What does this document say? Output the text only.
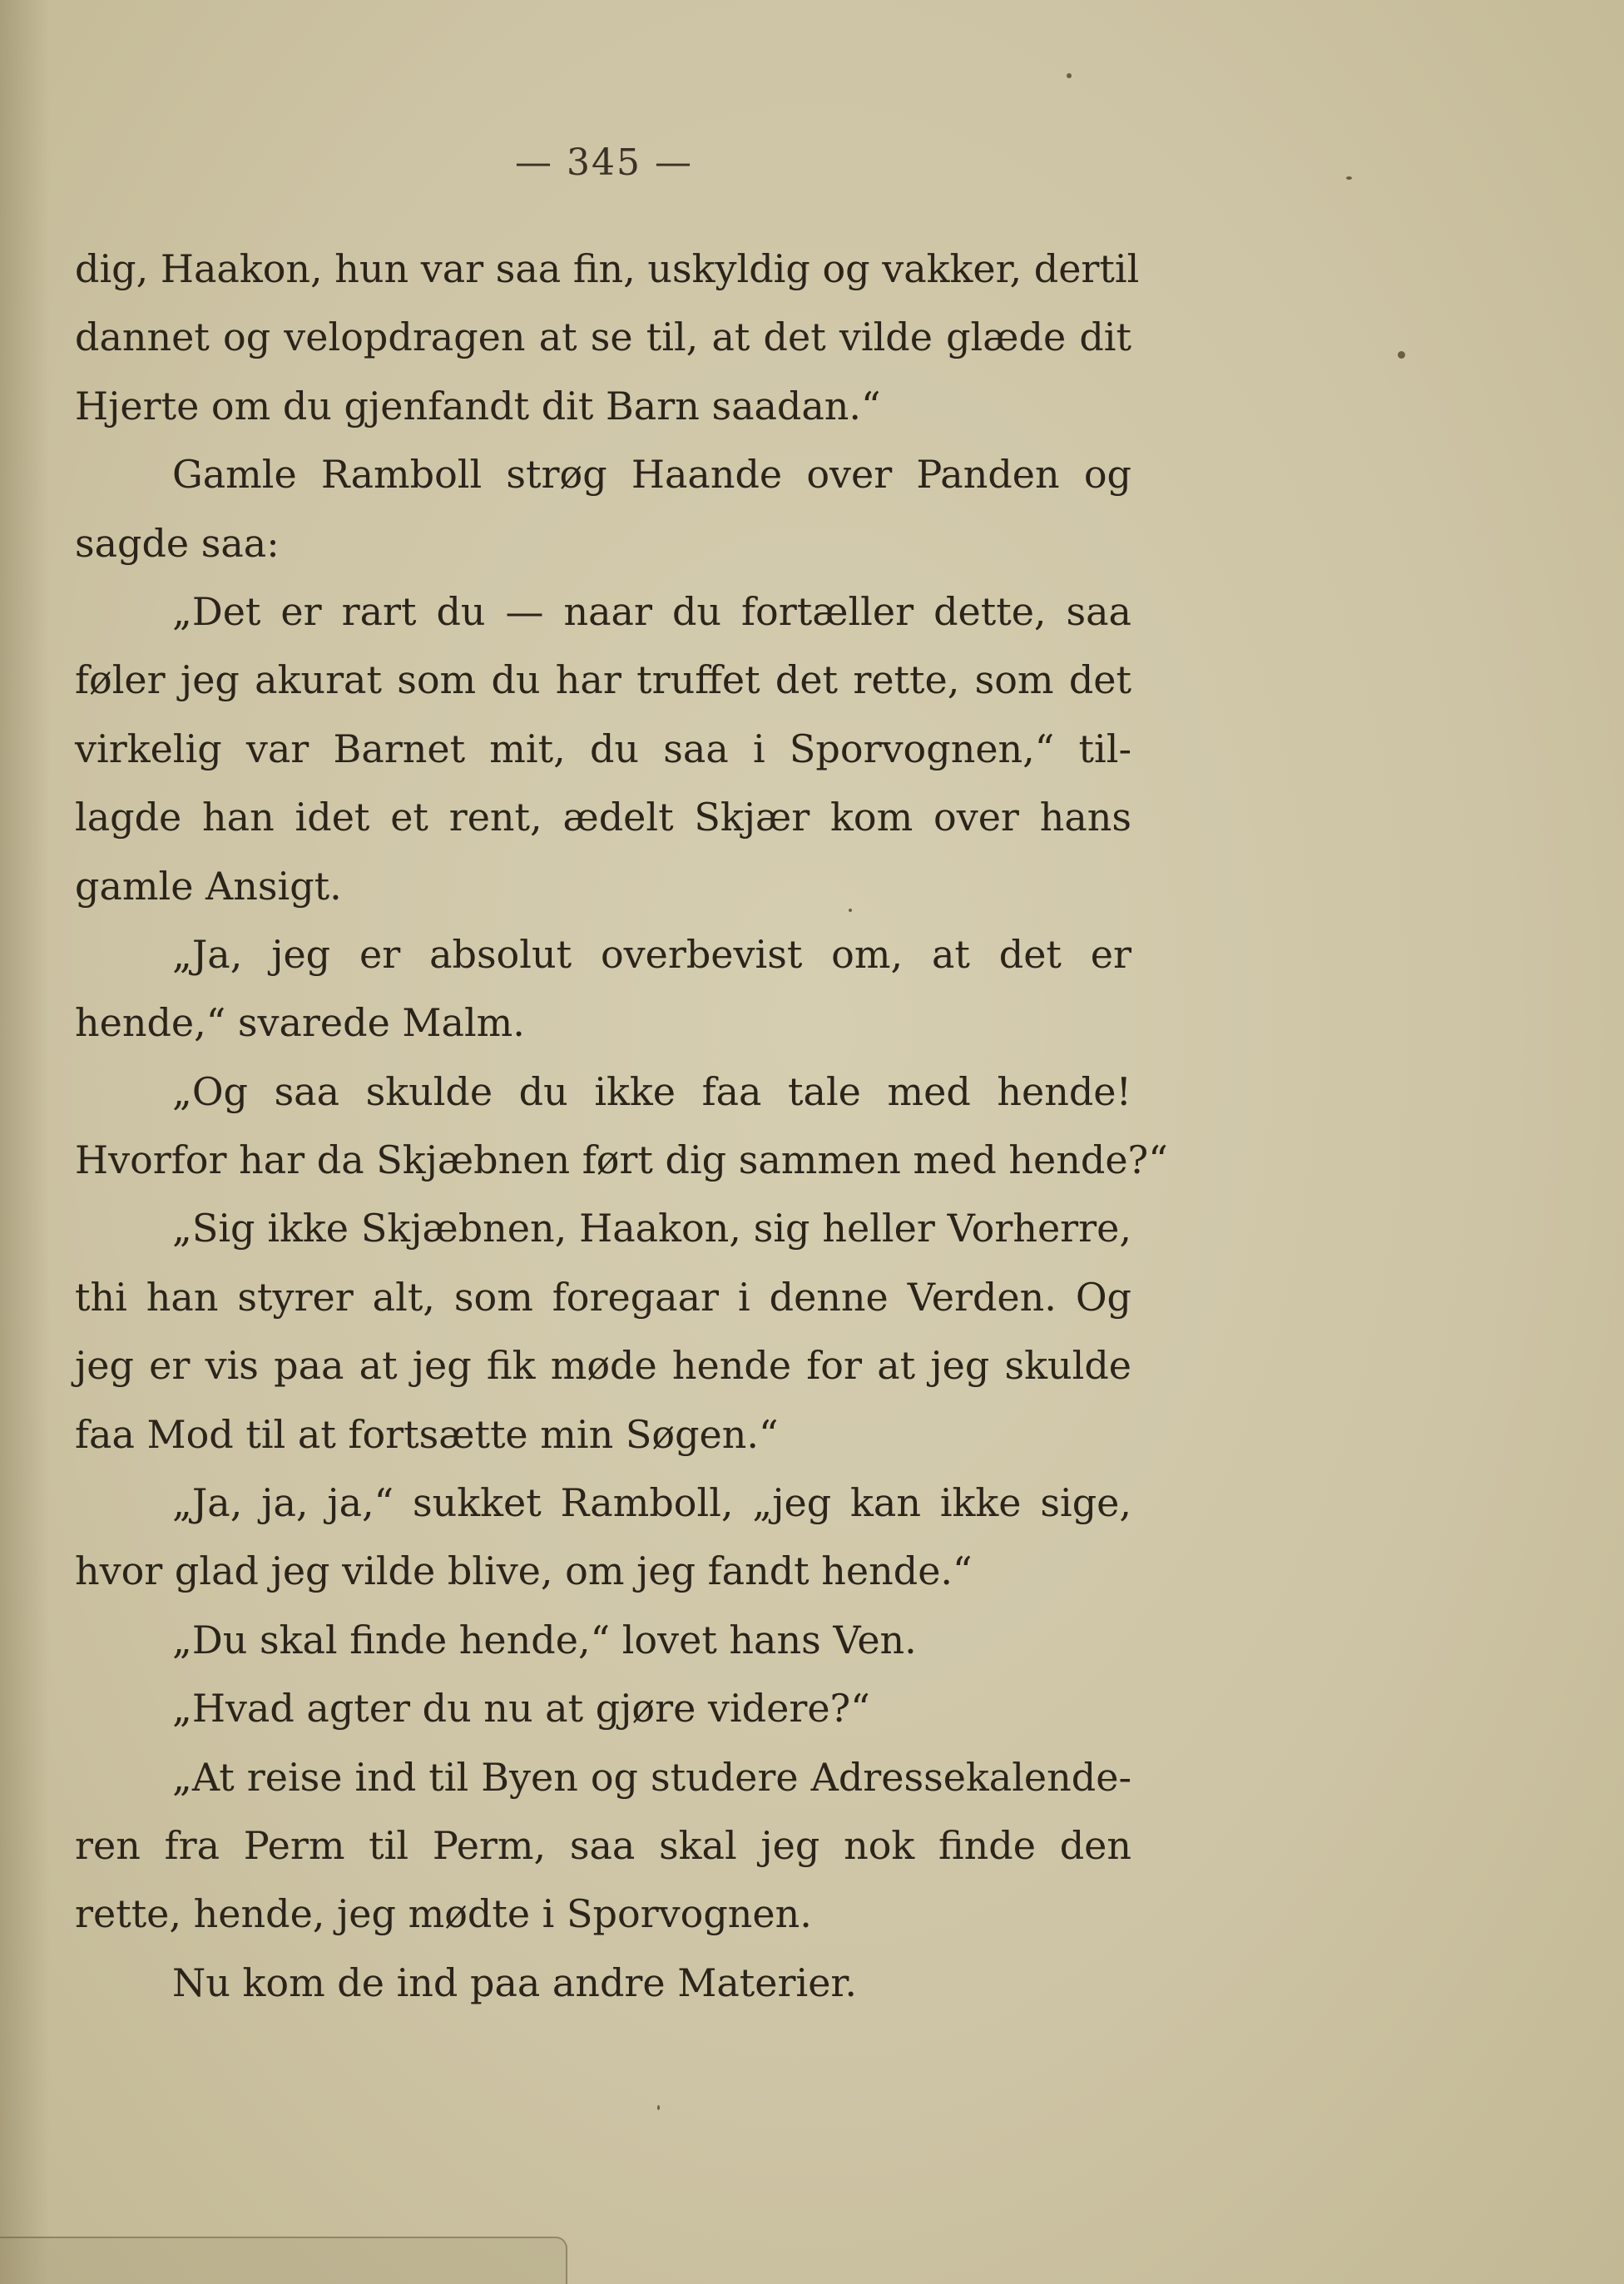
— 345 —
dig, Haakon, hun var saa fin, uskyldig og vakker, dertil
dannet og velopdragen at se til, at det vilde glæde dit
Hjerte om du gjenfandt dit Barn saadan.“
Gamle Ramboll strøg Haande over Panden og
sagde saa:
„Det er rart du — naar du fortæller dette, saa
føler jeg akurat som du har truffet det rette, som det
virkelig var Barnet mit, du saa i Sporvognen,“ til-
lagde han idet et rent, ædelt Skjær kom over hans
gamle Ansigt.
„Ja, jeg er absolut overbevist om, at det er
hende,“ svarede Malm.
„Og saa skulde du ikke faa tale med hende!
Hvorfor har da Skjæbnen ført dig sammen med hende?“
„Sig ikke Skjæbnen, Haakon, sig heller Vorherre,
thi han styrer alt, som foregaar i denne Verden. Og
jeg er vis paa at jeg fik møde hende for at jeg skulde
faa Mod til at fortsætte min Søgen.“
„Ja, ja, ja,“ sukket Ramboll, „jeg kan ikke sige,
hvor glad jeg vilde blive, om jeg fandt hende.“
„Du skal finde hende,“ lovet hans Ven.
„Hvad agter du nu at gjøre videre?“
„At reise ind til Byen og studere Adressekalende-
ren fra Perm til Perm, saa skal jeg nok finde den
rette, hende, jeg mødte i Sporvognen.
Nu kom de ind paa andre Materier.
